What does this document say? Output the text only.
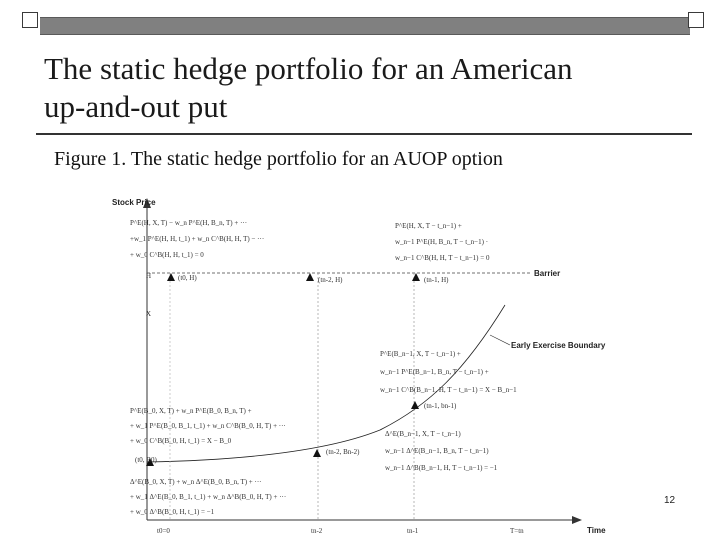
The static hedge portfolio for an American
up-and-out put
Figure 1. The static hedge portfolio for an AUOP option
Stock Price
Time
Barrier
Early Exercise Boundary
H
X
t0=0	tn-2	tn-1	T=tn
(t0, H)	(tn-2, H)	(tn-1, H)
(t0, B0)
(tn-2, Bn-2)
(tn-1, bn-1)
P^E(H, X, T) − w_n P^E(H, B_n, T) + ···
+w_1 P^E(H, H, t_1) + w_n C^B(H, H, T) − ···
+ w_0 C^B(H, H, t_1) = 0
P^E(H, X, T − t_n−1) +
w_n−1 P^E(H, B_n, T − t_n−1) ·
w_n−1 C^B(H, H, T − t_n−1) = 0
P^E(B_n−1, X, T − t_n−1) +
w_n−1 P^E(B_n−1, B_n, T − t_n−1) +
w_n−1 C^B(B_n−1, H, T − t_n−1) = X − B_n−1
P^E(B_0, X, T) + w_n P^E(B_0, B_n, T) +
+ w_1 P^E(B_0, B_1, t_1) + w_n C^B(B_0, H, T) + ···
+ w_0 C^B(B_0, H, t_1) = X − B_0
Δ^E(B_0, X, T) + w_n Δ^E(B_0, B_n, T) + ···
+ w_1 Δ^E(B_0, B_1, t_1) + w_n Δ^B(B_0, H, T) + ···
+ w_0 Δ^B(B_0, H, t_1) = −1
Δ^E(B_n−1, X, T − t_n−1)
w_n−1 Δ^E(B_n−1, B_n, T − t_n−1)
w_n−1 Δ^B(B_n−1, H, T − t_n−1) = −1
12
